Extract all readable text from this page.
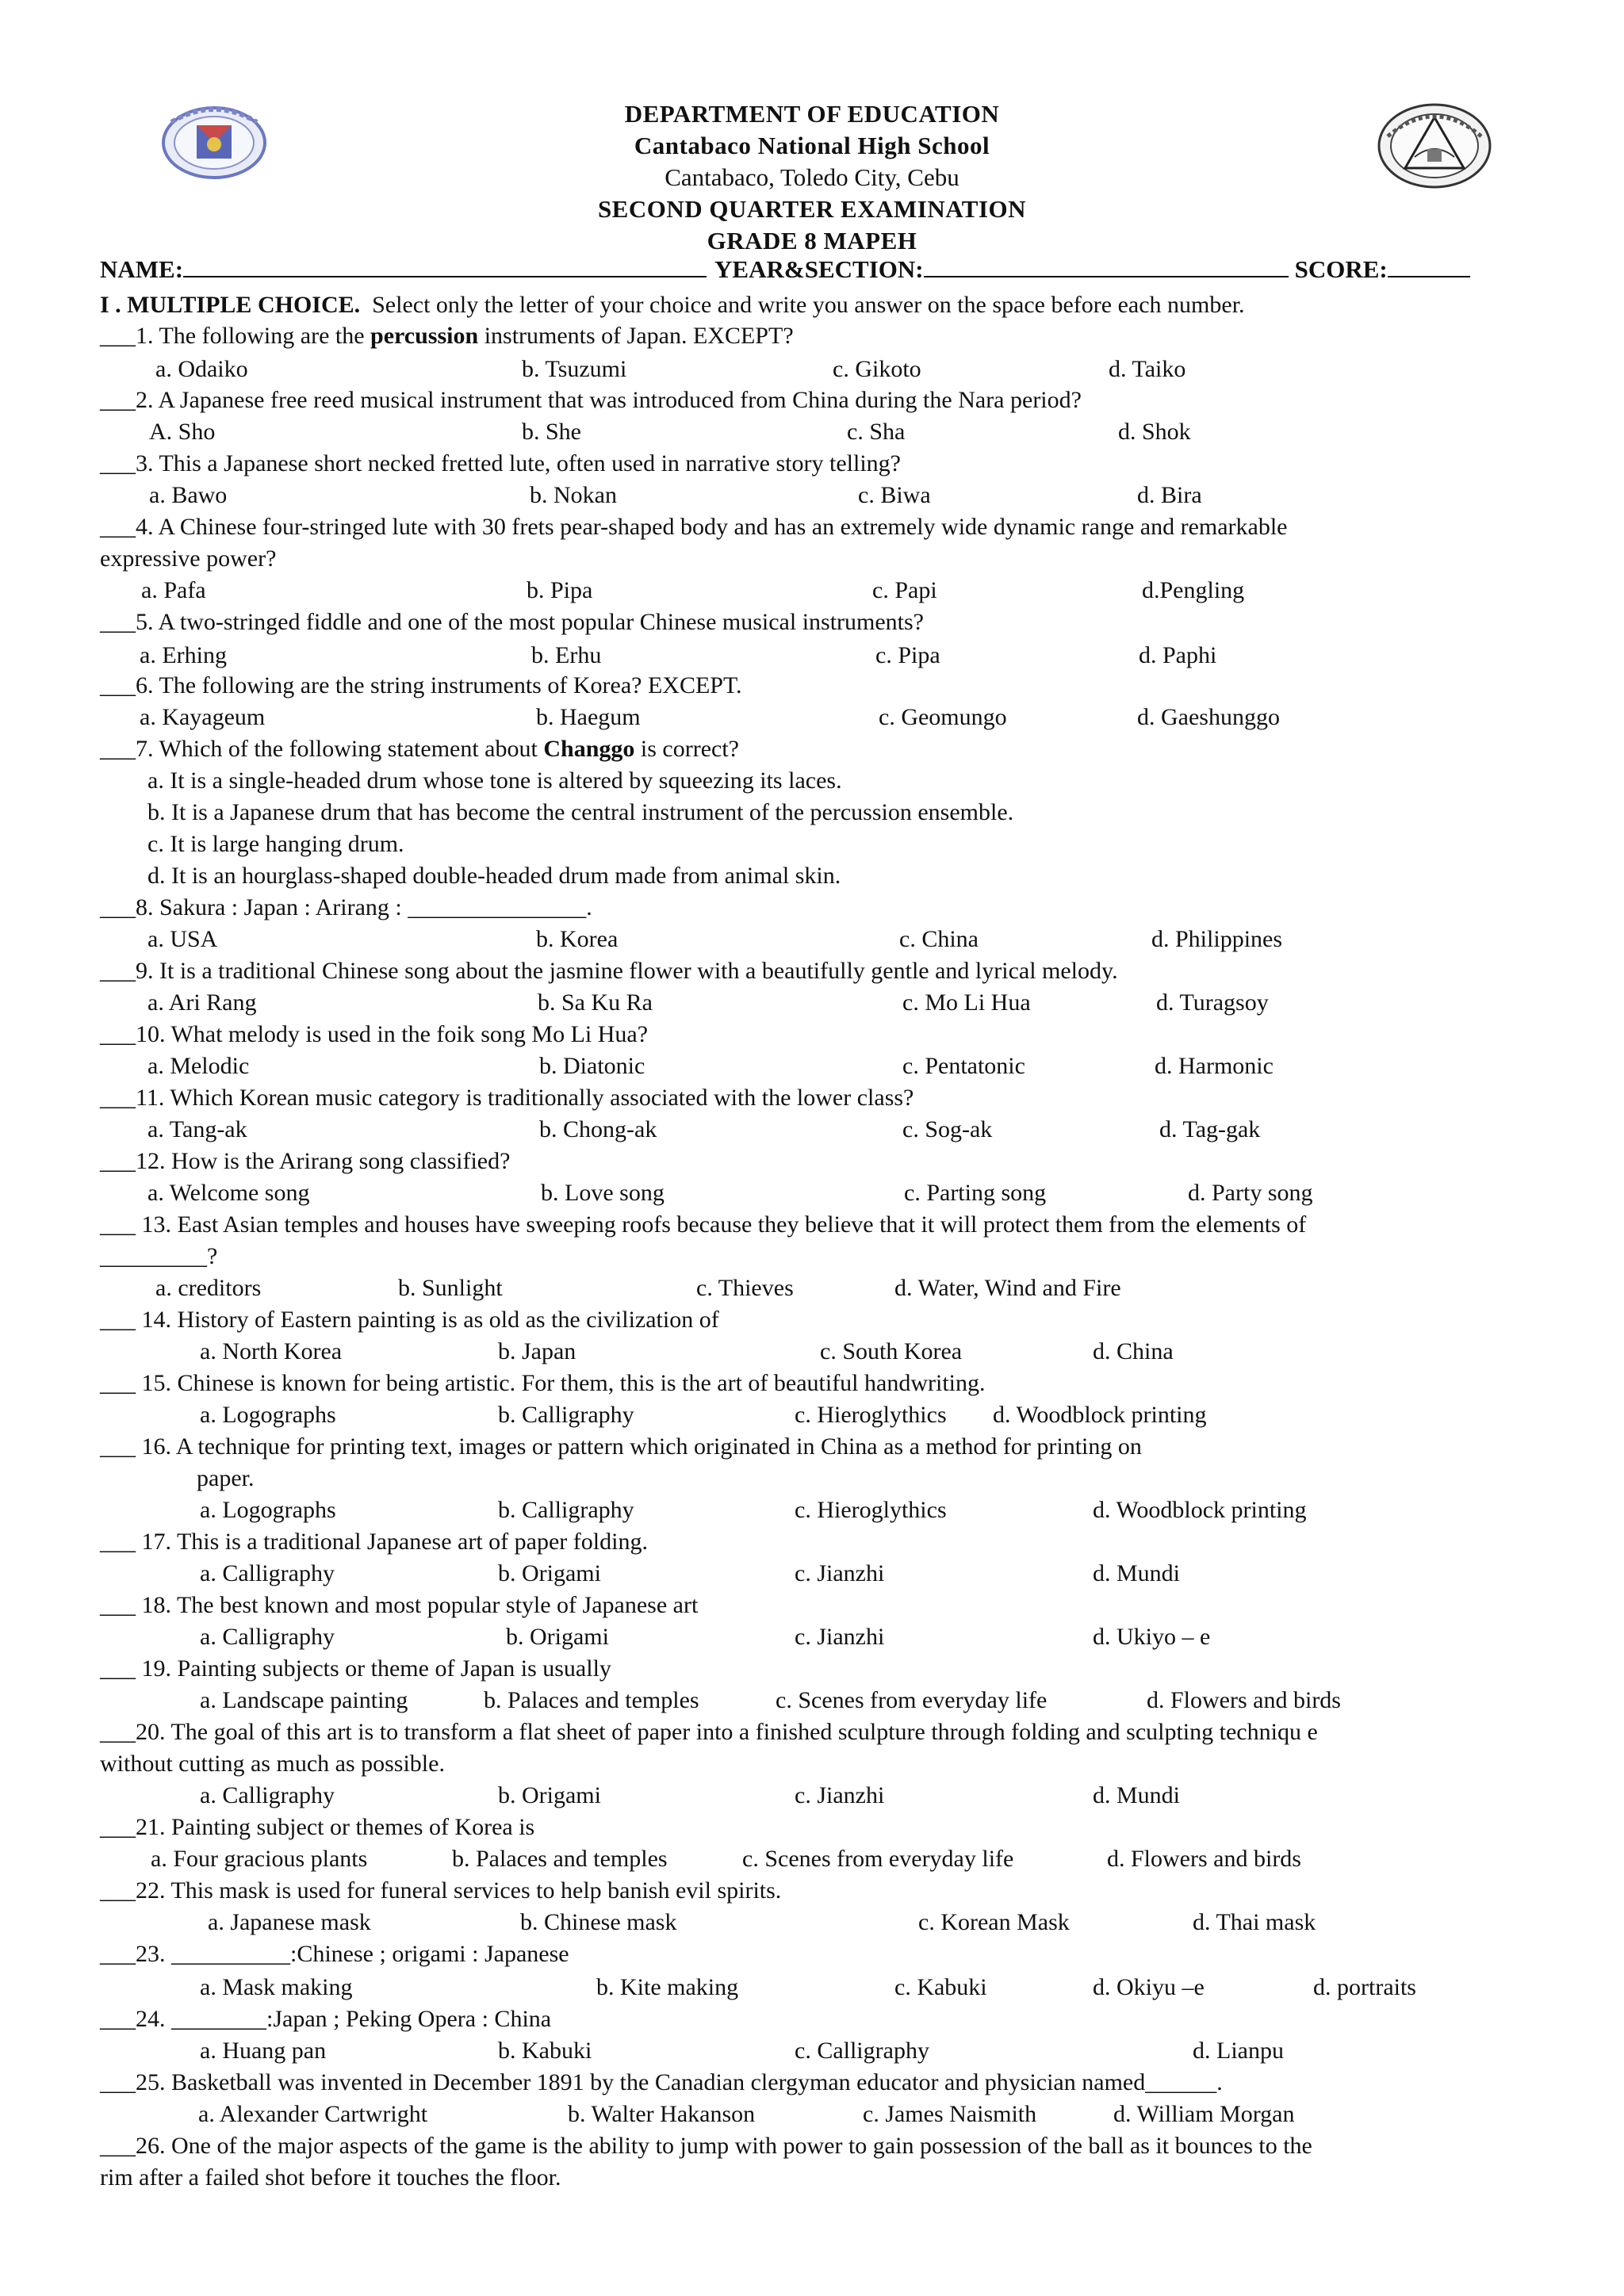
DEPARTMENT OF EDUCATION
Cantabaco National High School
Cantabaco, Toledo City, Cebu
SECOND QUARTER EXAMINATION
GRADE 8 MAPEH
NAME:	YEAR&SECTION:	SCORE:
I . MULTIPLE CHOICE. Select only the letter of your choice and write you answer on the space before each number.
___1. The following are the percussion instruments of Japan. EXCEPT?
a. Odaiko	b. Tsuzumi	c. Gikoto	d. Taiko
___2. A Japanese free reed musical instrument that was introduced from China during the Nara period?
A. Sho	b. She	c. Sha	d. Shok
___3. This a Japanese short necked fretted lute, often used in narrative story telling?
a. Bawo	b. Nokan	c. Biwa	d. Bira
___4. A Chinese four-stringed lute with 30 frets pear-shaped body and has an extremely wide dynamic range and remarkable
expressive power?
a. Pafa	b. Pipa	c. Papi	d.Pengling
___5. A two-stringed fiddle and one of the most popular Chinese musical instruments?
a. Erhing	b. Erhu	c. Pipa	d. Paphi
___6. The following are the string instruments of Korea? EXCEPT.
a. Kayageum	b. Haegum	c. Geomungo	d. Gaeshunggo
___7. Which of the following statement about Changgo is correct?
a. It is a single-headed drum whose tone is altered by squeezing its laces.
b. It is a Japanese drum that has become the central instrument of the percussion ensemble.
c. It is large hanging drum.
d. It is an hourglass-shaped double-headed drum made from animal skin.
___8. Sakura : Japan : Arirang : _______________.
a. USA	b. Korea	c. China	d. Philippines
___9. It is a traditional Chinese song about the jasmine flower with a beautifully gentle and lyrical melody.
a. Ari Rang	b. Sa Ku Ra	c. Mo Li Hua	d. Turagsoy
___10. What melody is used in the foik song Mo Li Hua?
a. Melodic	b. Diatonic	c. Pentatonic	d. Harmonic
___11. Which Korean music category is traditionally associated with the lower class?
a. Tang-ak	b. Chong-ak	c. Sog-ak	d. Tag-gak
___12. How is the Arirang song classified?
a. Welcome song	b. Love song	c. Parting song	d. Party song
___ 13. East Asian temples and houses have sweeping roofs because they believe that it will protect them from the elements of
_________?
a. creditors	b. Sunlight	c. Thieves	d. Water, Wind and Fire
___ 14. History of Eastern painting is as old as the civilization of
a. North Korea	b. Japan	c. South Korea	d. China
___ 15. Chinese is known for being artistic. For them, this is the art of beautiful handwriting.
a. Logographs	b. Calligraphy	c. Hieroglythics d. Woodblock printing
___ 16. A technique for printing text, images or pattern which originated in China as a method for printing on
paper.
a. Logographs	b. Calligraphy	c. Hieroglythics	d. Woodblock printing
___ 17. This is a traditional Japanese art of paper folding.
a. Calligraphy	b. Origami	c. Jianzhi	d. Mundi
___ 18. The best known and most popular style of Japanese art
a. Calligraphy	b. Origami	c. Jianzhi	d. Ukiyo – e
___ 19. Painting subjects or theme of Japan is usually
a. Landscape painting	b. Palaces and temples	c. Scenes from everyday life	d. Flowers and birds
___20. The goal of this art is to transform a flat sheet of paper into a finished sculpture through folding and sculpting techniqu e
without cutting as much as possible.
a. Calligraphy	b. Origami	c. Jianzhi	d. Mundi
___21. Painting subject or themes of Korea is
a. Four gracious plants	b. Palaces and temples	c. Scenes from everyday life	d. Flowers and birds
___22. This mask is used for funeral services to help banish evil spirits.
a. Japanese mask	b. Chinese mask	c. Korean Mask	d. Thai mask
___23. __________:Chinese ; origami : Japanese
a. Mask making	b. Kite making	c. Kabuki	d. Okiyu –e	d. portraits
___24. ________:Japan ; Peking Opera : China
a. Huang pan	b. Kabuki	c. Calligraphy	d. Lianpu
___25. Basketball was invented in December 1891 by the Canadian clergyman educator and physician named______.
a. Alexander Cartwright	b. Walter Hakanson	c. James Naismith	d. William Morgan
___26. One of the major aspects of the game is the ability to jump with power to gain possession of the ball as it bounces to the
rim after a failed shot before it touches the floor.
